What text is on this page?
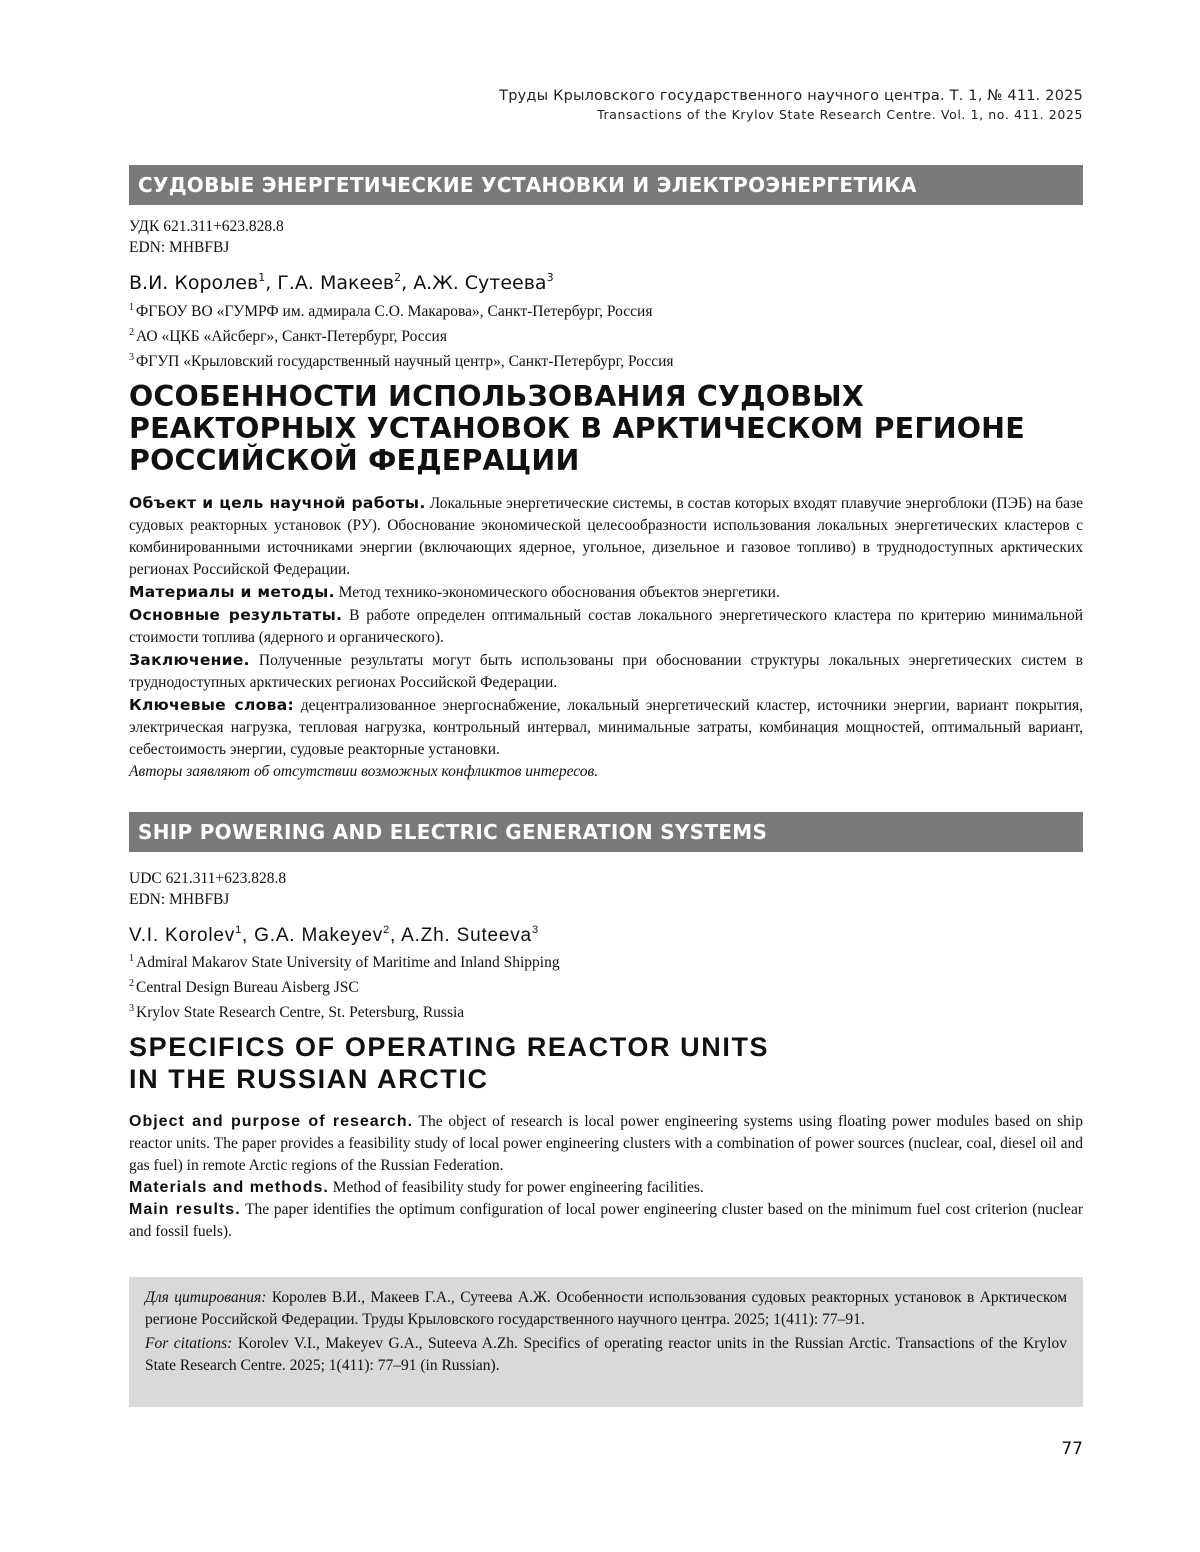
Труды Крыловского государственного научного центра. Т. 1, № 411. 2025
Transactions of the Krylov State Research Centre. Vol. 1, no. 411. 2025
СУДОВЫЕ ЭНЕРГЕТИЧЕСКИЕ УСТАНОВКИ И ЭЛЕКТРОЭНЕРГЕТИКА
УДК 621.311+623.828.8
EDN: MHBFBJ
В.И. Королев$^1$, Г.А. Макеев$^2$, А.Ж. Сутеева$^3$
$^1$ ФГБОУ ВО «ГУМРФ им. адмирала С.О. Макарова», Санкт-Петербург, Россия
$^2$ АО «ЦКБ «Айсберг», Санкт-Петербург, Россия
$^3$ ФГУП «Крыловский государственный научный центр», Санкт-Петербург, Россия
ОСОБЕННОСТИ ИСПОЛЬЗОВАНИЯ СУДОВЫХ
РЕАКТОРНЫХ УСТАНОВОК В АРКТИЧЕСКОМ РЕГИОНЕ
РОССИЙСКОЙ ФЕДЕРАЦИИ

Объект и цель научной работы. Локальные энергетические системы, в состав которых входят плавучие энергоблоки (ПЭБ) на базе судовых реакторных установок (РУ). Обоснование экономической целесообразности использования локальных энергетических кластеров с комбинированными источниками энергии (включающих ядерное, угольное, дизельное и газовое топливо) в труднодоступных арктических регионах Российской Федерации.

Материалы и методы. Метод технико-экономического обоснования объектов энергетики.

Основные результаты. В работе определен оптимальный состав локального энергетического кластера по критерию минимальной стоимости топлива (ядерного и органического).

Заключение. Полученные результаты могут быть использованы при обосновании структуры локальных энергетических систем в труднодоступных арктических регионах Российской Федерации.

Ключевые слова: децентрализованное энергоснабжение, локальный энергетический кластер, источники энергии, вариант покрытия, электрическая нагрузка, тепловая нагрузка, контрольный интервал, минимальные затраты, комбинация мощностей, оптимальный вариант, себестоимость энергии, судовые реакторные установки.

Авторы заявляют об отсутствии возможных конфликтов интересов.

SHIP POWERING AND ELECTRIC GENERATION SYSTEMS
UDC 621.311+623.828.8
EDN: MHBFBJ
V.I. Korolev$^1$, G.A. Makeyev$^2$, A.Zh. Suteeva$^3$
$^1$ Admiral Makarov State University of Maritime and Inland Shipping
$^2$ Central Design Bureau Aisberg JSC
$^3$ Krylov State Research Centre, St. Petersburg, Russia
SPECIFICS OF OPERATING REACTOR UNITS
IN THE RUSSIAN ARCTIC

Object and purpose of research. The object of research is local power engineering systems using floating power modules based on ship reactor units. The paper provides a feasibility study of local power engineering clusters with a combination of power sources (nuclear, coal, diesel oil and gas fuel) in remote Arctic regions of the Russian Federation.

Materials and methods. Method of feasibility study for power engineering facilities.

Main results. The paper identifies the optimum configuration of local power engineering cluster based on the minimum fuel cost criterion (nuclear and fossil fuels).

Для цитирования: Королев В.И., Макеев Г.А., Сутеева А.Ж. Особенности использования судовых реакторных установок в Арктическом регионе Российской Федерации. Труды Крыловского государственного научного центра. 2025; 1(411): 77–91.

For citations: Korolev V.I., Makeyev G.A., Suteeva A.Zh. Specifics of operating reactor units in the Russian Arctic. Transactions of the Krylov State Research Centre. 2025; 1(411): 77–91 (in Russian).

77
